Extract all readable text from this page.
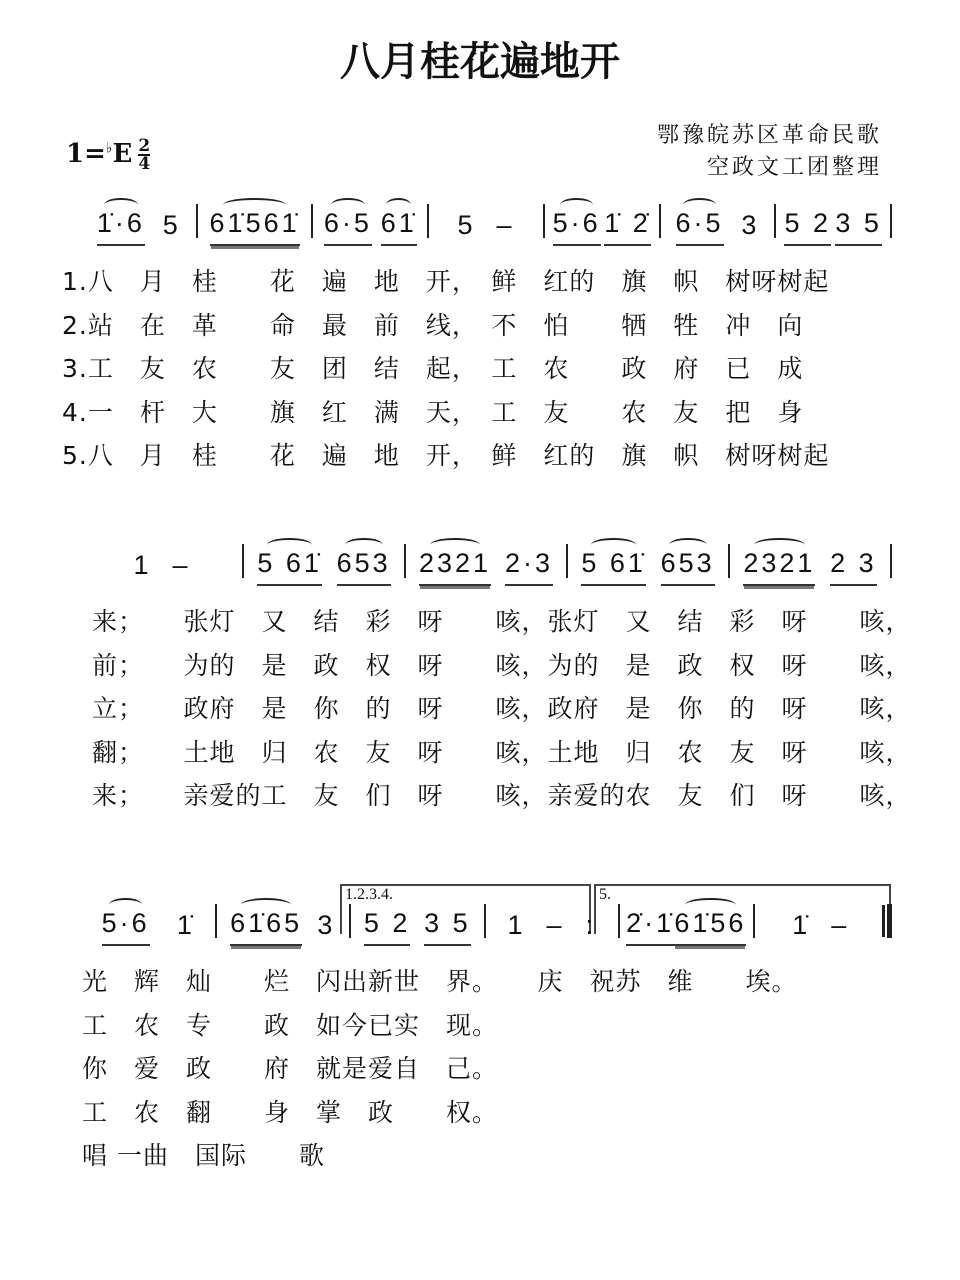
八月桂花遍地开
鄂豫皖苏区革命民歌
空政文工团整理
$1=^♭E \frac{2}{4}$
1.2.3.4.	5.
1̇·6 5 61̇561̇ 6·5 61̇ 5  – 5·6 1̇ 2̇ 6·5 3 5 2 3 5
1  – 5 61̇ 653 2321 2·3 5 61̇ 653 2321 2 3
5·6 1̇ 61̇65 3 5 2 3 5 1  –  : 2̇·1̇ 61̇56 1̇  –
1.八　月　桂　　花　遍　地　开，　鲜　红的　旗　帜　树呀树起
2.站　在　革　　命　最　前　线，　不　怕　　牺　牲　冲　向
3.工　友　农　　友　团　结　起，　工　农　　政　府　已　成
4.一　杆　大　　旗　红　满　天，　工　友　　农　友　把　身
5.八　月　桂　　花　遍　地　开，　鲜　红的　旗　帜　树呀树起
来；　　张灯　又　结　彩　呀　　咳，张灯　又　结　彩　呀　　咳，
前；　　为的　是　政　权　呀　　咳，为的　是　政　权　呀　　咳，
立；　　政府　是　你　的　呀　　咳，政府　是　你　的　呀　　咳，
翻；　　土地　归　农　友　呀　　咳，土地　归　农　友　呀　　咳，
来；　　亲爱的工　友　们　呀　　咳，亲爱的农　友　们　呀　　咳，
光　辉　灿　　烂　闪出新世　界。　　庆　祝苏　维　　埃。
工　农　专　　政　如今已实　现。
你　爱　政　　府　就是爱自　己。
工　农　翻　　身　掌　政　　权。
唱 一曲　国际　　歌
